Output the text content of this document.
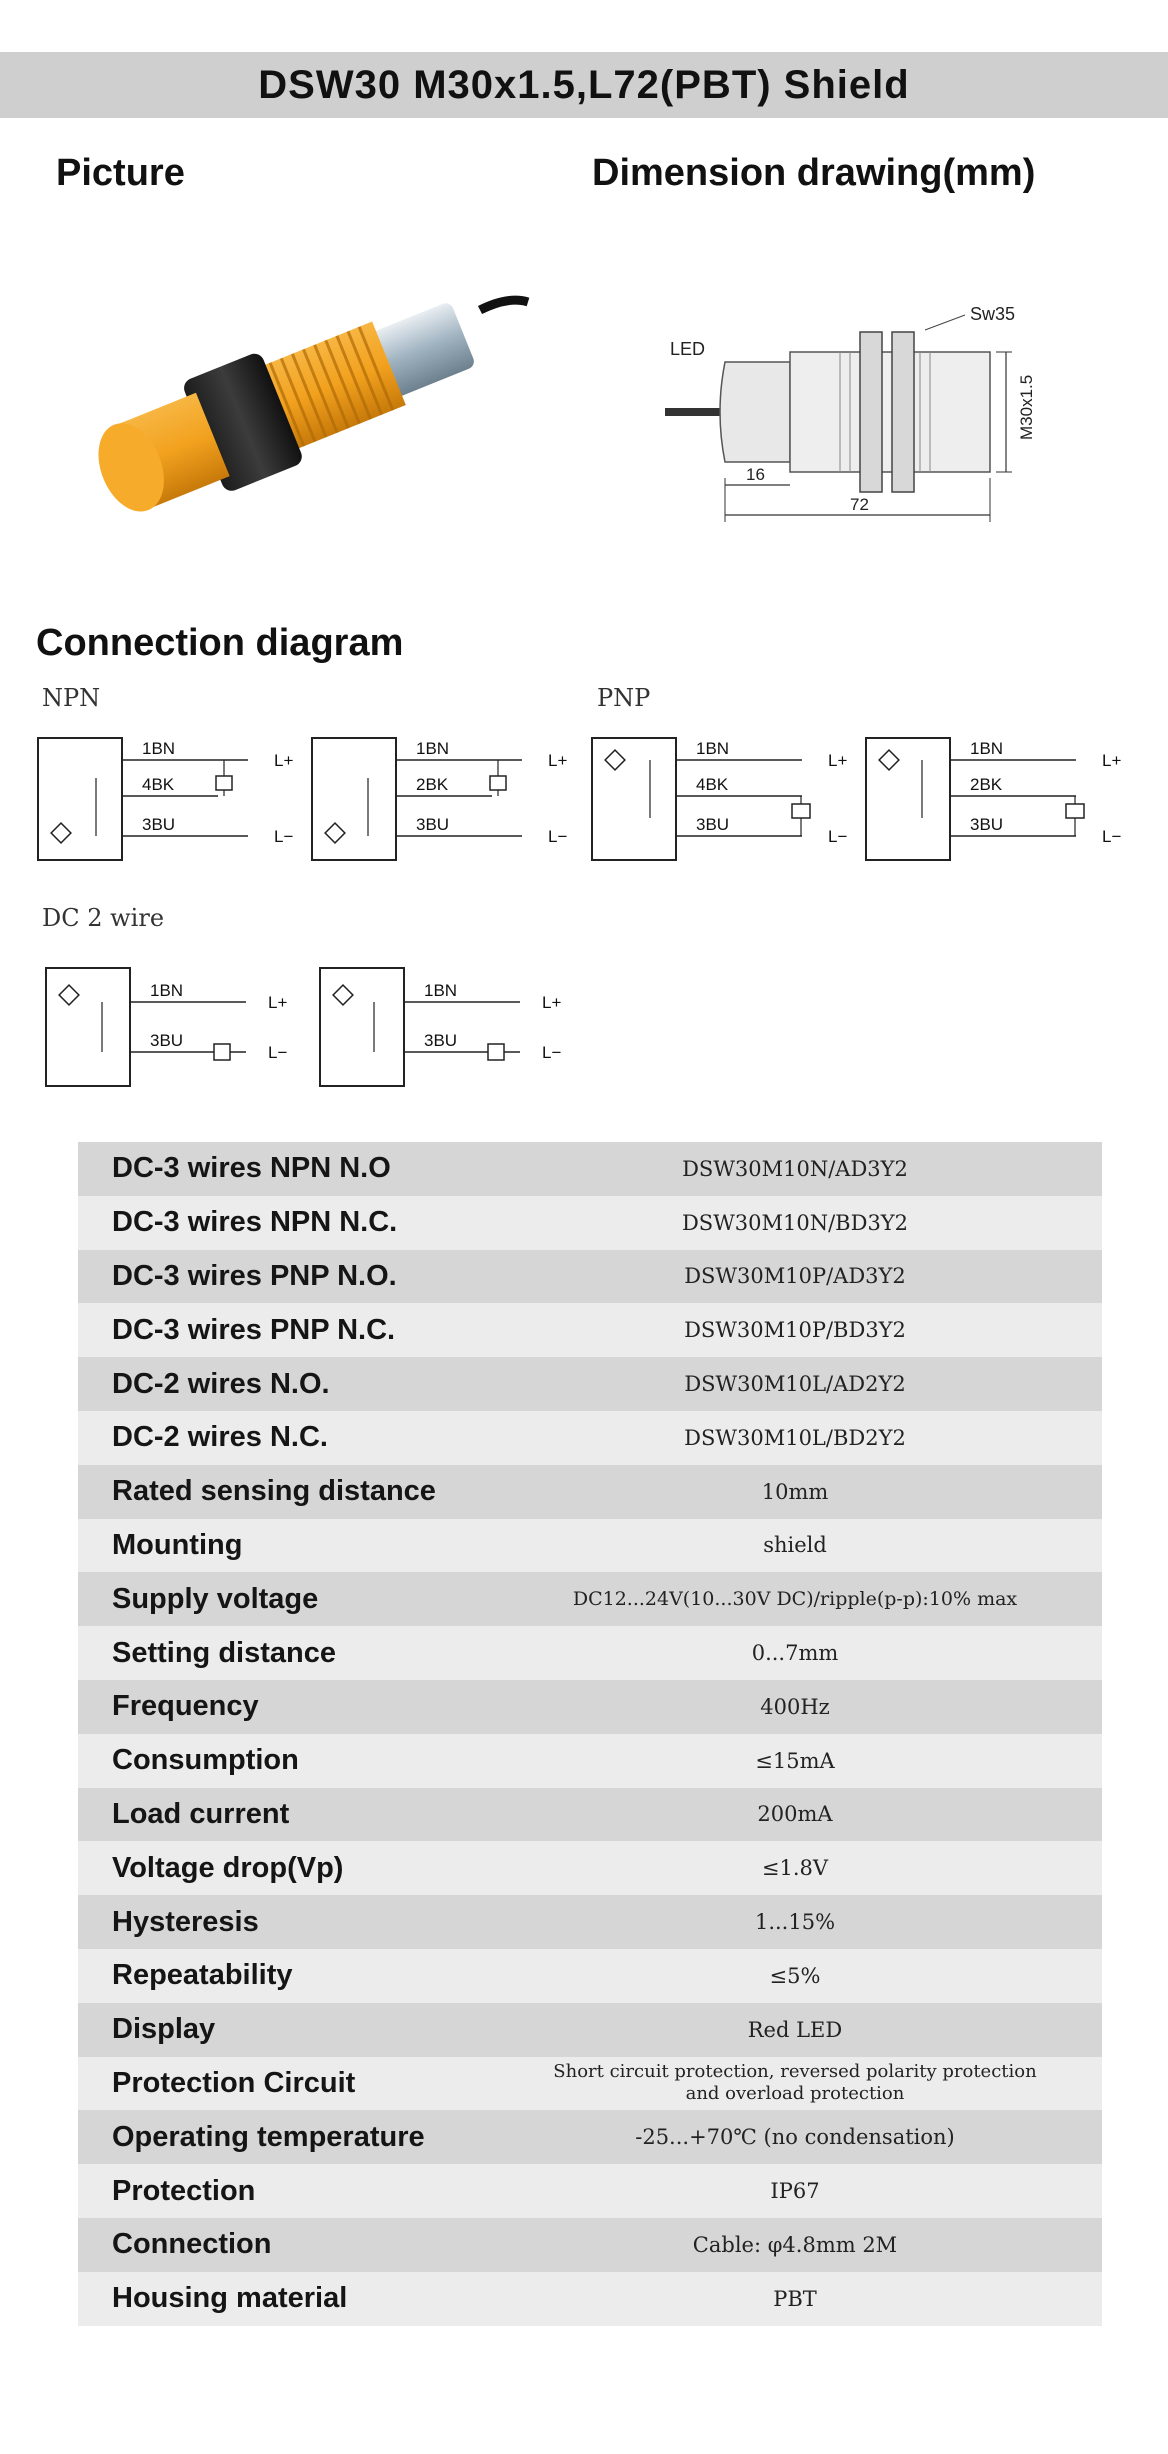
DSW30 M30x1.5,L72(PBT) Shield
Picture	Dimension drawing(mm)
LED
Sw35
M30x1.5
16
72
Connection diagram
NPN	PNP
DC 2 wire
1BN
4BK
3BU
L+
L−
1BN
2BK
3BU
L+
L−
1BN
4BK
3BU
L+
L−
1BN
2BK
3BU
L+
L−
1BN
3BU
L+
L−
1BN
3BU
L+
L−
DC-3 wires NPN N.O	DSW30M10N/AD3Y2
DC-3 wires NPN N.C.	DSW30M10N/BD3Y2
DC-3 wires PNP N.O.	DSW30M10P/AD3Y2
DC-3 wires PNP N.C.	DSW30M10P/BD3Y2
DC-2 wires N.O.	DSW30M10L/AD2Y2
DC-2 wires N.C.	DSW30M10L/BD2Y2
Rated sensing distance	10mm
Mounting	shield
Supply voltage	DC12...24V(10...30V DC)/ripple(p-p):10% max
Setting distance	0...7mm
Frequency	400Hz
Consumption	≤15mA
Load current	200mA
Voltage drop(Vp)	≤1.8V
Hysteresis	1...15%
Repeatability	≤5%
Display	Red LED
Protection Circuit	Short circuit protection, reversed polarity protection
and overload protection
Operating temperature	-25...+70℃ (no condensation)
Protection	IP67
Connection	Cable: φ4.8mm 2M
Housing material	PBT
